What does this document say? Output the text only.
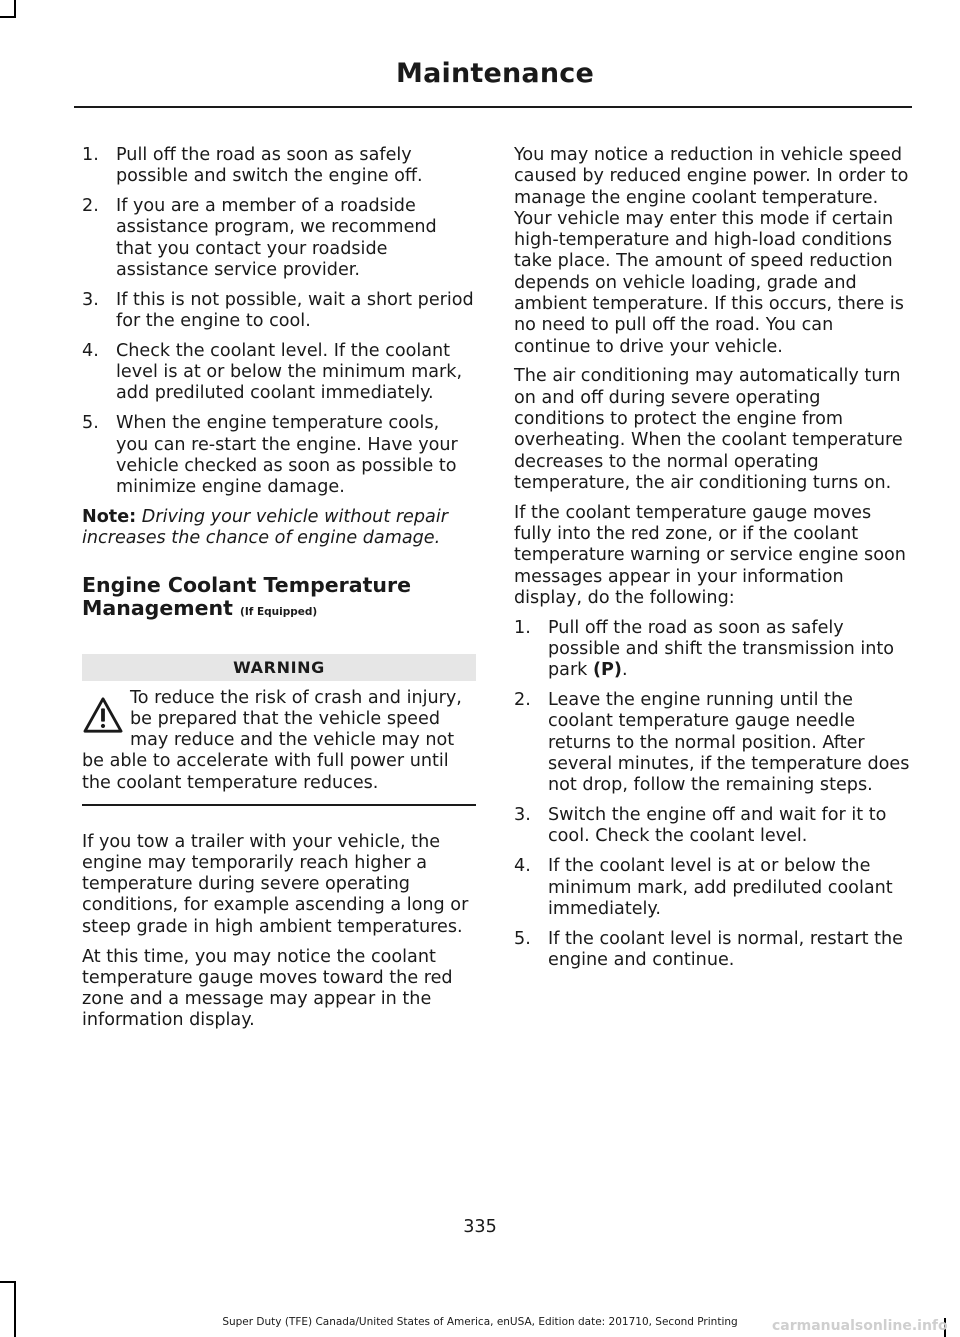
Maintenance
1. Pull off the road as soon as safely possible and switch the engine off.
2. If you are a member of a roadside assistance program, we recommend that you contact your roadside assistance service provider.
3. If this is not possible, wait a short period for the engine to cool.
4. Check the coolant level. If the coolant level is at or below the minimum mark, add prediluted coolant immediately.
5. When the engine temperature cools, you can re-start the engine. Have your vehicle checked as soon as possible to minimize engine damage.

Note: Driving your vehicle without repair increases the chance of engine damage.

Engine Coolant Temperature Management (If Equipped)
WARNING
To reduce the risk of crash and injury, be prepared that the vehicle speed may reduce and the vehicle may not be able to accelerate with full power until the coolant temperature reduces.

If you tow a trailer with your vehicle, the engine may temporarily reach higher a temperature during severe operating conditions, for example ascending a long or steep grade in high ambient temperatures.

At this time, you may notice the coolant temperature gauge moves toward the red zone and a message may appear in the information display.

You may notice a reduction in vehicle speed caused by reduced engine power. In order to manage the engine coolant temperature. Your vehicle may enter this mode if certain high-temperature and high-load conditions take place. The amount of speed reduction depends on vehicle loading, grade and ambient temperature. If this occurs, there is no need to pull off the road. You can continue to drive your vehicle.

The air conditioning may automatically turn on and off during severe operating conditions to protect the engine from overheating. When the coolant temperature decreases to the normal operating temperature, the air conditioning turns on.

If the coolant temperature gauge moves fully into the red zone, or if the coolant temperature warning or service engine soon messages appear in your information display, do the following:

1. Pull off the road as soon as safely possible and shift the transmission into park (P).
2. Leave the engine running until the coolant temperature gauge needle returns to the normal position. After several minutes, if the temperature does not drop, follow the remaining steps.
3. Switch the engine off and wait for it to cool. Check the coolant level.
4. If the coolant level is at or below the minimum mark, add prediluted coolant immediately.
5. If the coolant level is normal, restart the engine and continue.
335
Super Duty (TFE) Canada/United States of America, enUSA, Edition date: 201710, Second Printing	carmanualsonline.info
